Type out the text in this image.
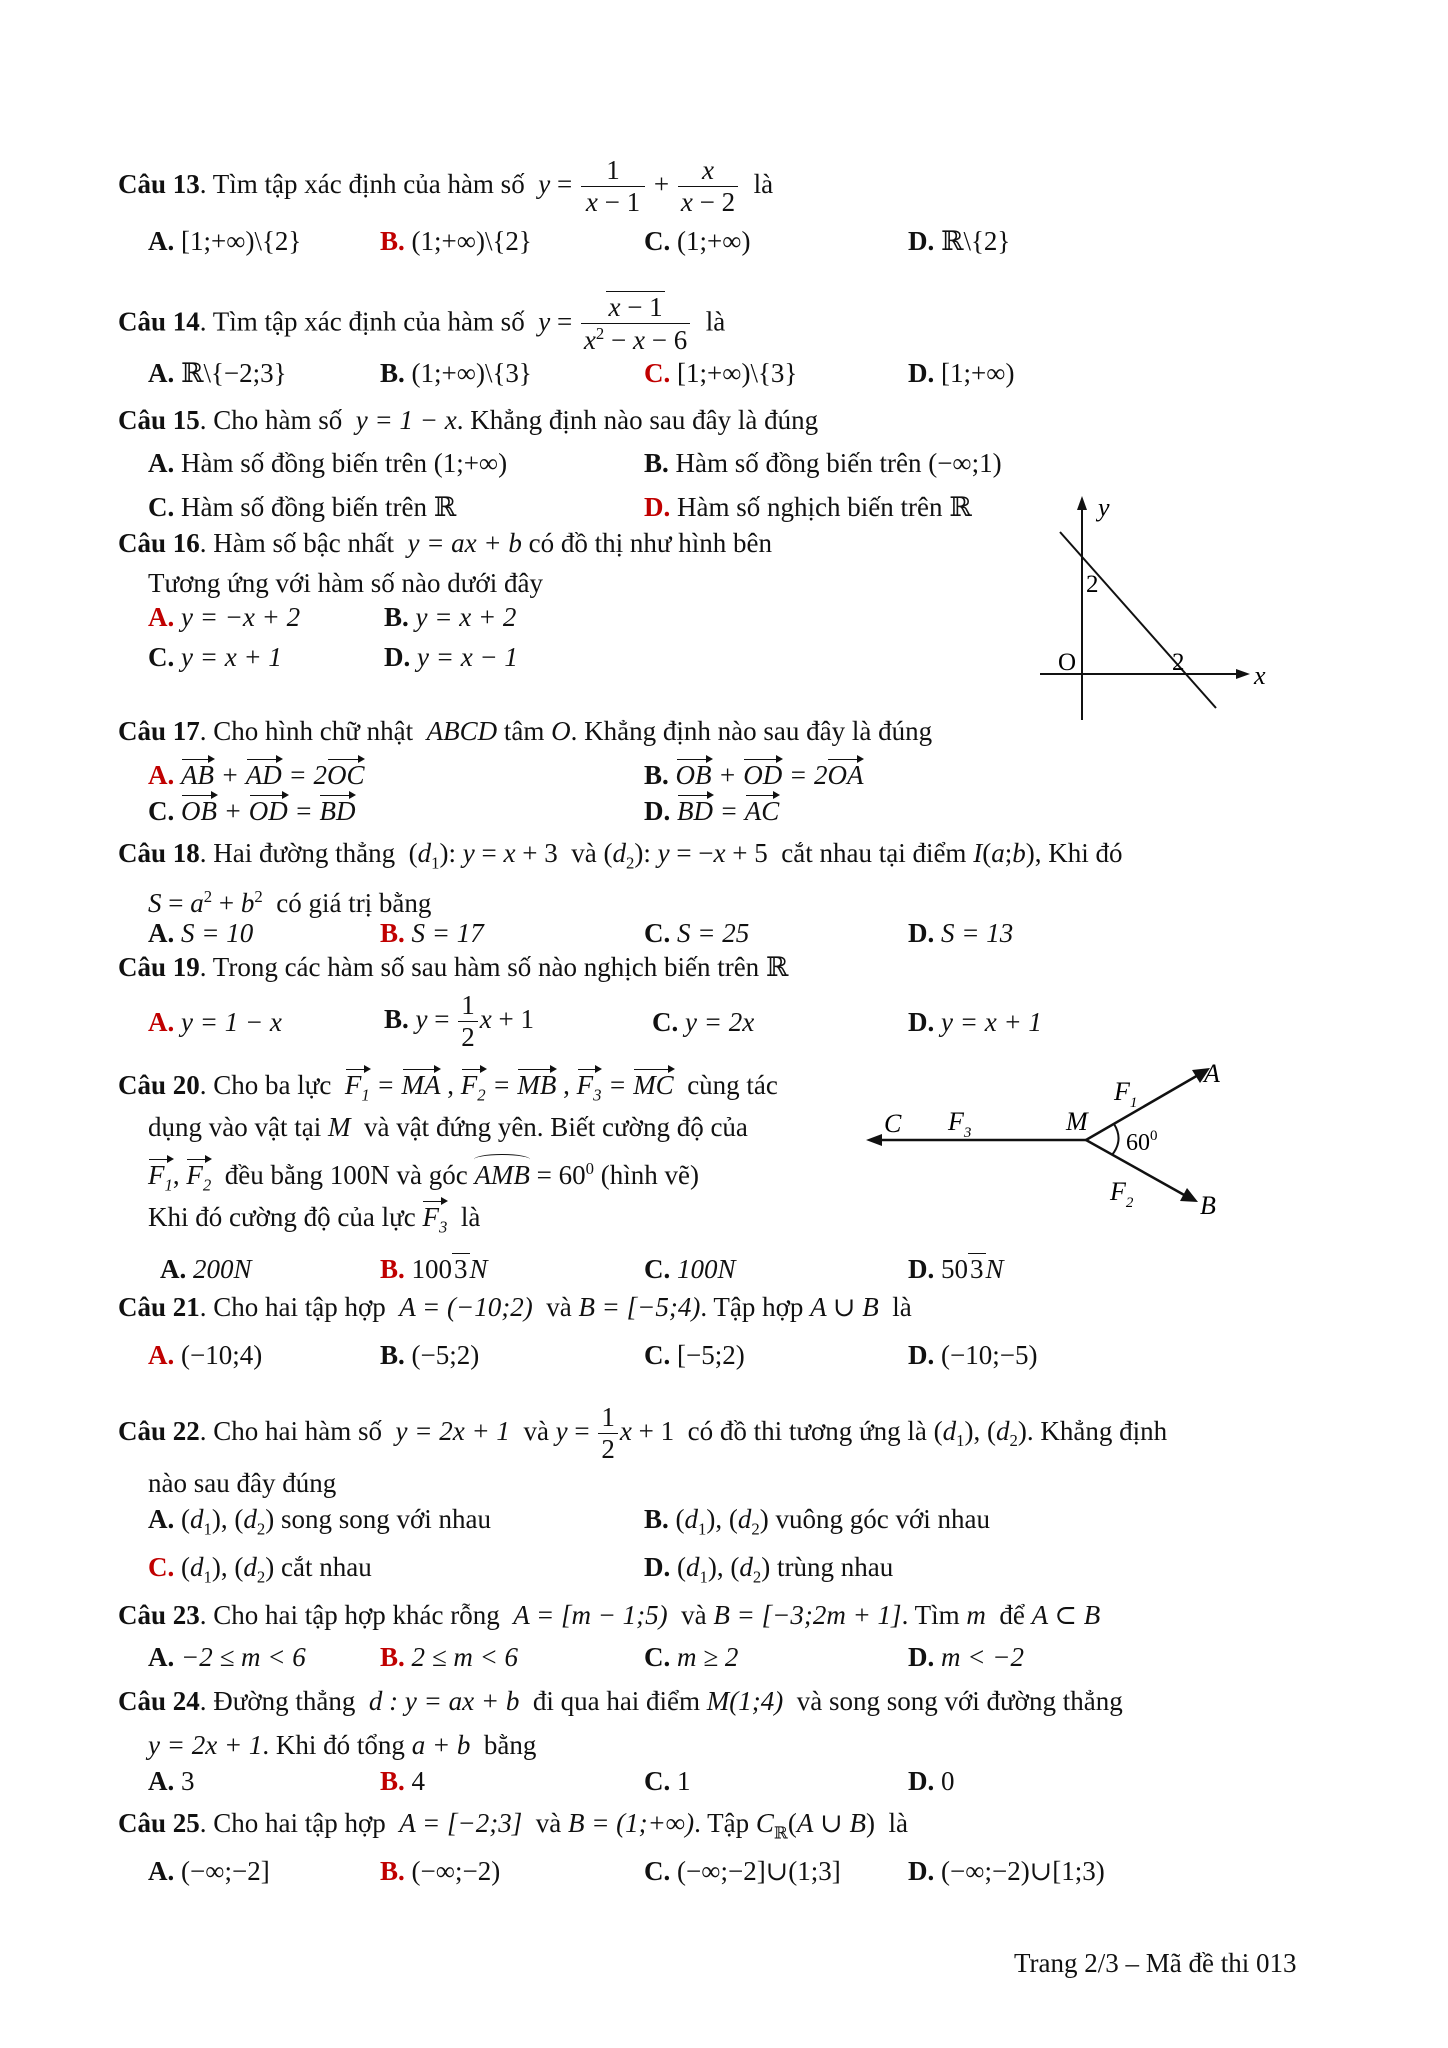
Câu 13. Tìm tập xác định của hàm số $y = \frac{1}{x - 1} + \frac{x}{x - 2}$ là
A. [1;+∞)\{2}	B. (1;+∞)\{2}	C. (1;+∞)	D. ℝ\{2}
Câu 14. Tìm tập xác định của hàm số $y = \frac{x - 1}{x^2 - x - 6}$ là
A. ℝ\{−2;3}	B. (1;+∞)\{3}	C. [1;+∞)\{3}	D. [1;+∞)
Câu 15. Cho hàm số y = 1 − x. Khẳng định nào sau đây là đúng
A. Hàm số đồng biến trên (1;+∞)	B. Hàm số đồng biến trên (−∞;1)
C. Hàm số đồng biến trên ℝ	D. Hàm số nghịch biến trên ℝ
Câu 16. Hàm số bậc nhất y = ax + b có đồ thị như hình bên
Tương ứng với hàm số nào dưới đây
A. y = −x + 2	B. y = x + 2
C. y = x + 1	D. y = x − 1
y
x
O
2
2
Câu 17. Cho hình chữ nhật ABCD tâm O. Khẳng định nào sau đây là đúng
A. AB + AD = 2OC	B. OB + OD = 2OA
C. OB + OD = BD	D. BD = AC
Câu 18. Hai đường thẳng  $(d_1)$: y = x + 3  và $(d_2)$: y = −x + 5  cắt nhau tại điểm I(a;b), Khi đó
$S = a^2 + b^2$ có giá trị bằng
A. S = 10	B. S = 17	C. S = 25	D. S = 13
Câu 19. Trong các hàm số sau hàm số nào nghịch biến trên ℝ
A. y = 1 − x	B. $y = \frac{1}{2}$ x + 1	C. y = 2x	D. y = x + 1
Câu 20. Cho ba lực $F_1$ = MA , $F_2$ = MB , $F_3$ = MC cùng tác
dụng vào vật tại M và vật đứng yên. Biết cường độ của
$F_1$, $F_2$ đều bằng 100N và góc AMB = $60^0$ (hình vẽ)
Khi đó cường độ của lực $F_3$ là
A. 200N	B. 1003N	C. 100N	D. 503N
A
B
C	M
$60^0$
$F_1$
$F_2$
$F_3$
Câu 21. Cho hai tập hợp A = (−10;2) và B = [−5;4). Tập hợp A ∪ B là
A. (−10;4)	B. (−5;2)	C. [−5;2)	D. (−10;−5)
Câu 22. Cho hai hàm số y = 2x + 1 và $y = \frac{1}{2}$ x + 1  có đồ thi tương ứng là $(d_1)$, $(d_2)$. Khẳng định
nào sau đây đúng
A. $(d_1)$, $(d_2)$ song song với nhau	B. $(d_1)$, $(d_2)$ vuông góc với nhau
C. $(d_1)$, $(d_2)$ cắt nhau	D. $(d_1)$, $(d_2)$ trùng nhau
Câu 23. Cho hai tập hợp khác rỗng A = [m − 1;5) và B = [−3;2m + 1]. Tìm m để A ⊂ B
A. −2 ≤ m < 6	B. 2 ≤ m < 6	C. m ≥ 2	D. m < −2
Câu 24. Đường thẳng d : y = ax + b đi qua hai điểm M(1;4) và song song với đường thẳng
y = 2x + 1. Khi đó tổng a + b bằng
A. 3	B. 4	C. 1	D. 0
Câu 25. Cho hai tập hợp A = [−2;3] và B = (1;+∞). Tập $C_ℝ(A$ ∪ B)  là
A. (−∞;−2]	B. (−∞;−2)	C. (−∞;−2]∪(1;3] D. (−∞;−2)∪[1;3)
Trang 2/3 – Mã đề thi 013
